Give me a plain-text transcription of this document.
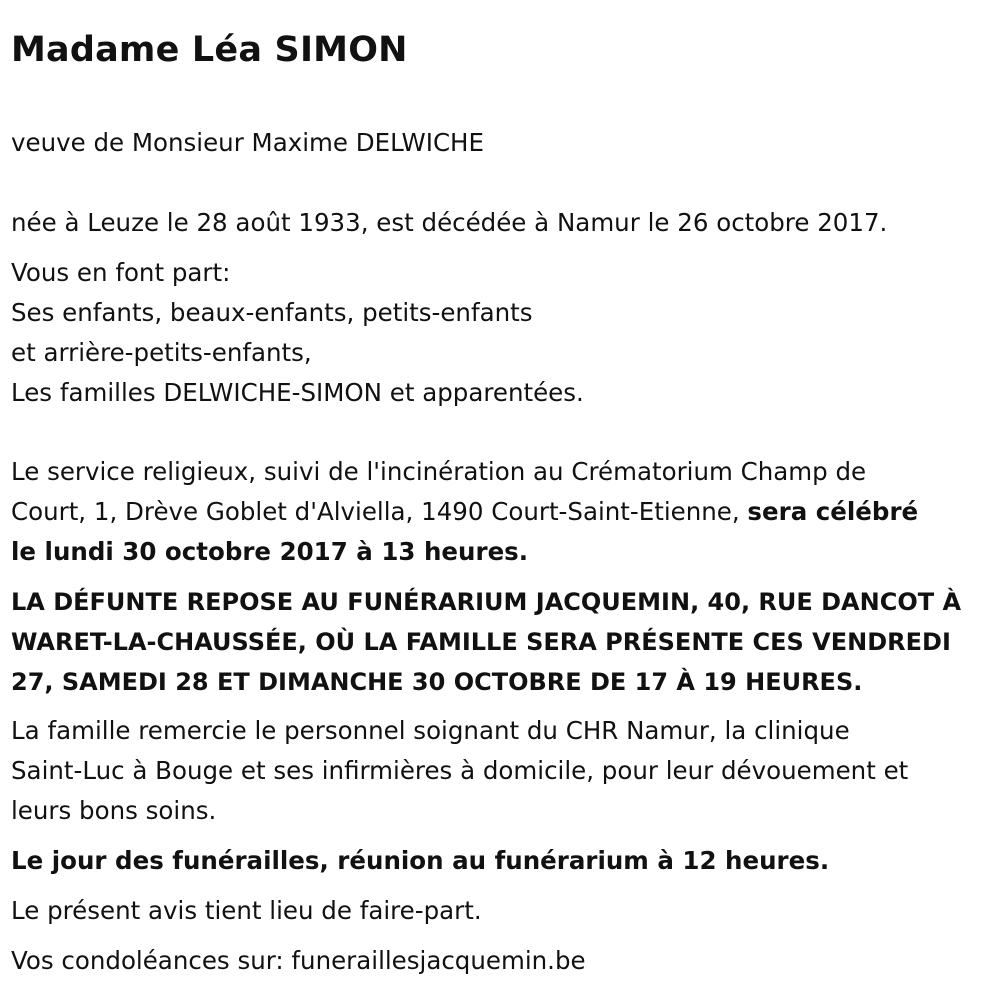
Madame Léa SIMON

veuve de Monsieur Maxime DELWICHE

née à Leuze le 28 août 1933, est décédée à Namur le 26 octobre 2017.

Vous en font part:
Ses enfants, beaux-enfants, petits-enfants
et arrière-petits-enfants,
Les familles DELWICHE-SIMON et apparentées.
Le service religieux, suivi de l'incinération au Crématorium Champ de
Court, 1, Drève Goblet d'Alviella, 1490 Court-Saint-Etienne, sera célébré
le lundi 30 octobre 2017 à 13 heures.
LA DÉFUNTE REPOSE AU FUNÉRARIUM JACQUEMIN, 40, RUE DANCOT À
WARET-LA-CHAUSSÉE, OÙ LA FAMILLE SERA PRÉSENTE CES VENDREDI
27, SAMEDI 28 ET DIMANCHE 30 OCTOBRE DE 17 À 19 HEURES.
La famille remercie le personnel soignant du CHR Namur, la clinique
Saint-Luc à Bouge et ses infirmières à domicile, pour leur dévouement et
leurs bons soins.

Le jour des funérailles, réunion au funérarium à 12 heures.

Le présent avis tient lieu de faire-part.

Vos condoléances sur: funeraillesjacquemin.be
